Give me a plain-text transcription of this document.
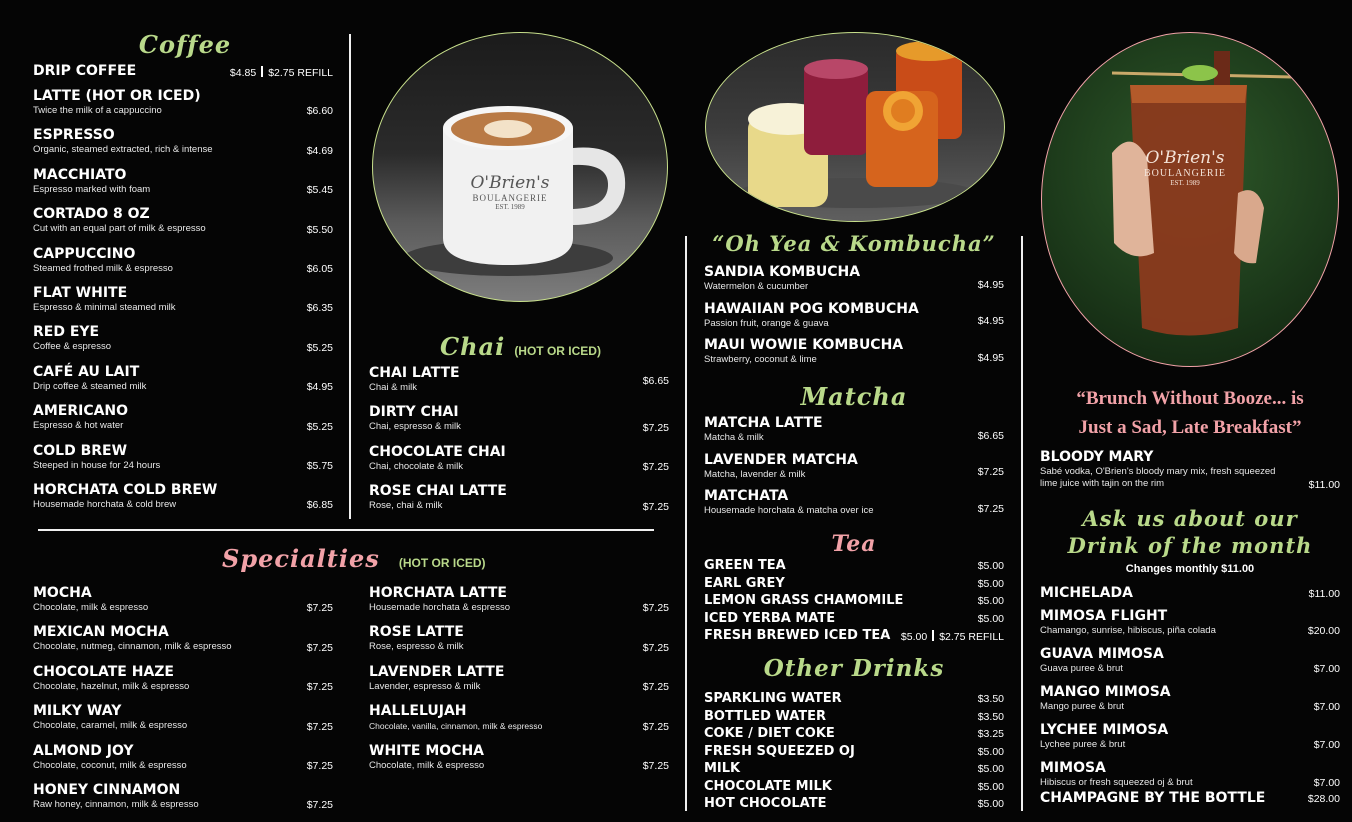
Coffee
DRIP COFFEE	$4.85 $2.75 REFILL
LATTE (HOT OR ICED)
Twice the milk of a cappuccino	$6.60
ESPRESSO
Organic, steamed extracted, rich & intense	$4.69
MACCHIATO
Espresso marked with foam	$5.45
CORTADO 8 OZ
Cut with an equal part of milk & espresso	$5.50
CAPPUCCINO
Steamed frothed milk & espresso	$6.05
FLAT WHITE
Espresso & minimal steamed milk	$6.35
RED EYE
Coffee & espresso	$5.25
CAFÉ AU LAIT
Drip coffee & steamed milk	$4.95
AMERICANO
Espresso & hot water	$5.25
COLD BREW
Steeped in house for 24 hours	$5.75
HORCHATA COLD BREW
Housemade horchata & cold brew	$6.85
O'Brien's
BOULANGERIE
EST. 1989
Chai (HOT OR ICED)
CHAI LATTE
Chai & milk
$6.65
DIRTY CHAI
Chai, espresso & milk	$7.25
CHOCOLATE CHAI
Chai, chocolate & milk	$7.25
ROSE CHAI LATTE
Rose, chai & milk	$7.25
Specialties (HOT OR ICED)
MOCHA
Chocolate, milk & espresso	$7.25
MEXICAN MOCHA
Chocolate, nutmeg, cinnamon, milk & espresso	$7.25
CHOCOLATE HAZE
Chocolate, hazelnut, milk & espresso	$7.25
MILKY WAY
Chocolate, caramel, milk & espresso	$7.25
ALMOND JOY
Chocolate, coconut, milk & espresso	$7.25
HONEY CINNAMON
Raw honey, cinnamon, milk & espresso	$7.25
HORCHATA LATTE
Housemade horchata & espresso	$7.25
ROSE LATTE
Rose, espresso & milk	$7.25
LAVENDER LATTE
Lavender, espresso & milk	$7.25
HALLELUJAH
Chocolate, vanilla, cinnamon, milk & espresso	$7.25
WHITE MOCHA
Chocolate, milk & espresso	$7.25
“Oh Yea & Kombucha”
SANDIA KOMBUCHA
Watermelon & cucumber	$4.95
HAWAIIAN POG KOMBUCHA
Passion fruit, orange & guava	$4.95
MAUI WOWIE KOMBUCHA
Strawberry, coconut & lime	$4.95
Matcha
MATCHA LATTE
Matcha & milk	$6.65
LAVENDER MATCHA
Matcha, lavender & milk	$7.25
MATCHATA
Housemade horchata & matcha over ice	$7.25
Tea
GREEN TEA	$5.00
EARL GREY	$5.00
LEMON GRASS CHAMOMILE	$5.00
ICED YERBA MATE	$5.00
FRESH BREWED ICED TEA	$5.00 $2.75 REFILL
Other Drinks
SPARKLING WATER	$3.50
BOTTLED WATER	$3.50
COKE / DIET COKE	$3.25
FRESH SQUEEZED OJ	$5.00
MILK	$5.00
CHOCOLATE MILK	$5.00
HOT CHOCOLATE	$5.00
O'Brien's
BOULANGERIE
EST. 1989
“Brunch Without Booze... is
Just a Sad, Late Breakfast”
BLOODY MARY
Sabé vodka, O'Brien's bloody mary mix, fresh squeezed
lime juice with tajin on the rim	$11.00
Ask us about our
Drink of the month
Changes monthly $11.00
MICHELADA	$11.00
MIMOSA FLIGHT
Chamango, sunrise, hibiscus, piña colada	$20.00
GUAVA MIMOSA
Guava puree & brut	$7.00
MANGO MIMOSA
Mango puree & brut	$7.00
LYCHEE MIMOSA
Lychee puree & brut	$7.00
MIMOSA
Hibiscus or fresh squeezed oj & brut	$7.00
CHAMPAGNE BY THE BOTTLE	$28.00
